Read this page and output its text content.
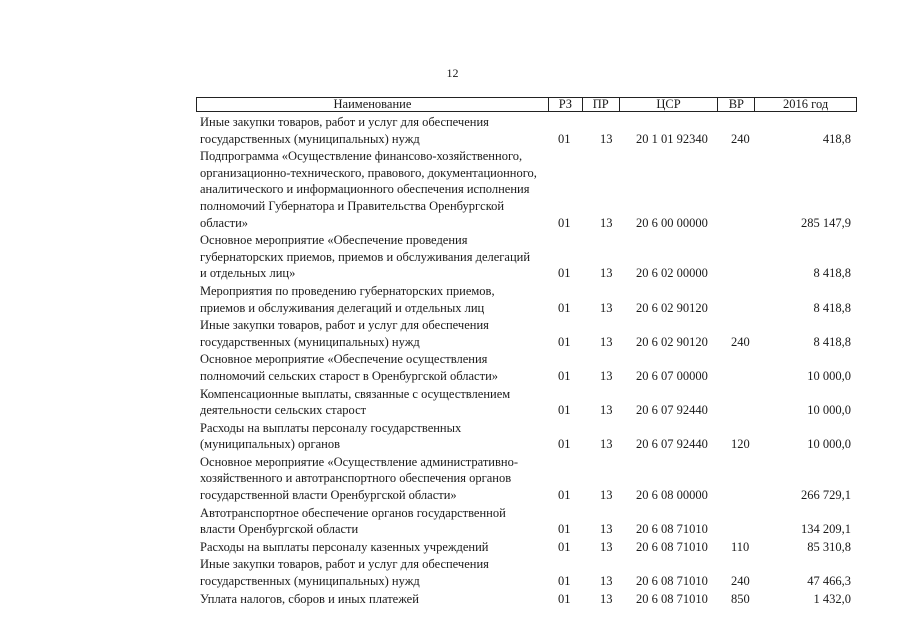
12
Наименование	РЗ	ПР	ЦСР	ВР	2016 год
Иные закупки товаров, работ и услуг для обеспечения
государственных (муниципальных) нужд	01	13	20 1 01 92340	240	418,8
Подпрограмма «Осуществление финансово-хозяйственного,
организационно-технического, правового, документационного,
аналитического и информационного обеспечения исполнения
полномочий Губернатора и Правительства Оренбургской
области»	01	13	20 6 00 00000	285 147,9
Основное мероприятие «Обеспечение проведения
губернаторских приемов, приемов и обслуживания делегаций
и отдельных лиц»	01	13	20 6 02 00000	8 418,8
Мероприятия по проведению губернаторских приемов,
приемов и обслуживания делегаций и отдельных лиц	01	13	20 6 02 90120	8 418,8
Иные закупки товаров, работ и услуг для обеспечения
государственных (муниципальных) нужд	01	13	20 6 02 90120	240	8 418,8
Основное мероприятие «Обеспечение осуществления
полномочий сельских старост в Оренбургской области»	01	13	20 6 07 00000	10 000,0
Компенсационные выплаты, связанные с осуществлением
деятельности сельских старост	01	13	20 6 07 92440	10 000,0
Расходы на выплаты персоналу государственных
(муниципальных) органов	01	13	20 6 07 92440	120	10 000,0
Основное мероприятие «Осуществление административно-
хозяйственного и автотранспортного обеспечения органов
государственной власти Оренбургской области»	01	13	20 6 08 00000	266 729,1
Автотранспортное обеспечение органов государственной
власти Оренбургской области	01	13	20 6 08 71010	134 209,1
Расходы на выплаты персоналу казенных учреждений	01	13	20 6 08 71010	110	85 310,8
Иные закупки товаров, работ и услуг для обеспечения
государственных (муниципальных) нужд	01	13	20 6 08 71010	240	47 466,3
Уплата налогов, сборов и иных платежей	01	13	20 6 08 71010	850	1 432,0
